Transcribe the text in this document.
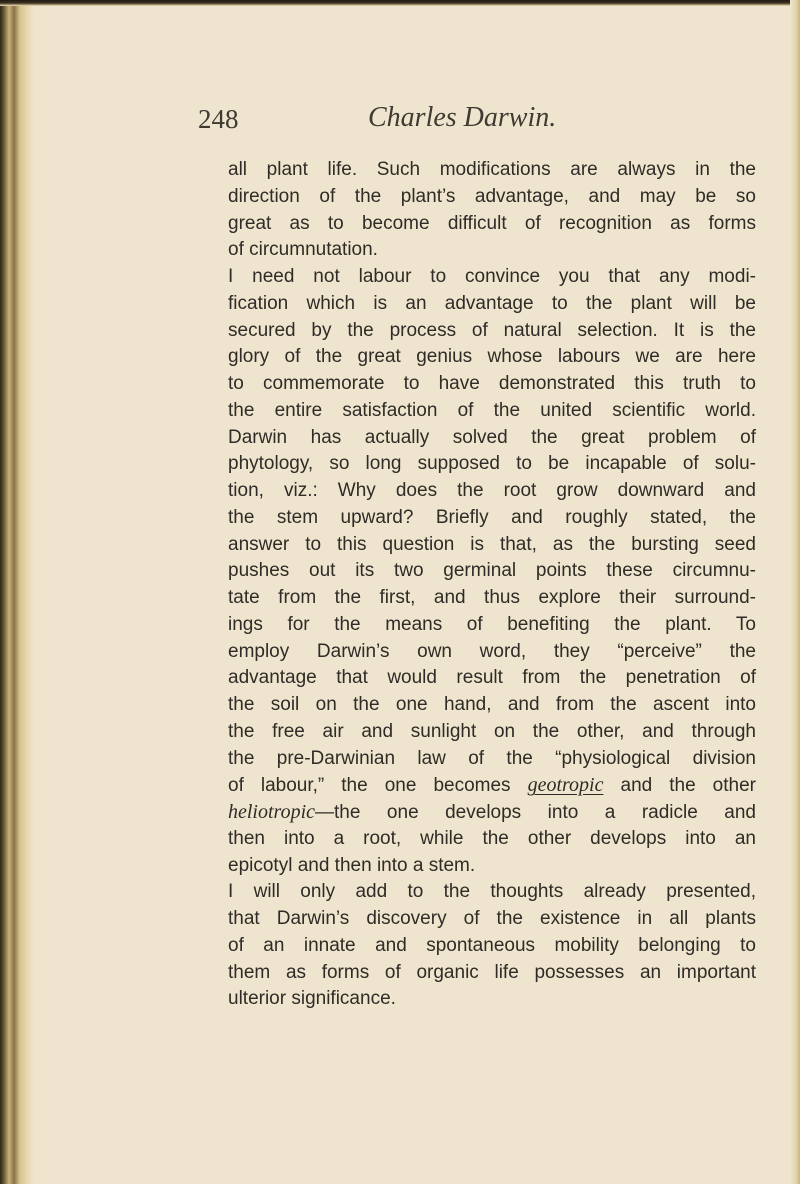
248	Charles Darwin.
all plant life. Such modifications are always in the
direction of the plant’s advantage, and may be so
great as to become difficult of recognition as forms
of circumnutation.
I need not labour to convince you that any modi-
fication which is an advantage to the plant will be
secured by the process of natural selection. It is the
glory of the great genius whose labours we are here
to commemorate to have demonstrated this truth to
the entire satisfaction of the united scientific world.
Darwin has actually solved the great problem of
phytology, so long supposed to be incapable of solu-
tion, viz.: Why does the root grow downward and
the stem upward? Briefly and roughly stated, the
answer to this question is that, as the bursting seed
pushes out its two germinal points these circumnu-
tate from the first, and thus explore their surround-
ings for the means of benefiting the plant. To
employ Darwin’s own word, they “perceive” the
advantage that would result from the penetration of
the soil on the one hand, and from the ascent into
the free air and sunlight on the other, and through
the pre-Darwinian law of the “physiological division
of labour,” the one becomes geotropic and the other
heliotropic—the one develops into a radicle and
then into a root, while the other develops into an
epicotyl and then into a stem.
I will only add to the thoughts already presented,
that Darwin’s discovery of the existence in all plants
of an innate and spontaneous mobility belonging to
them as forms of organic life possesses an important
ulterior significance.
